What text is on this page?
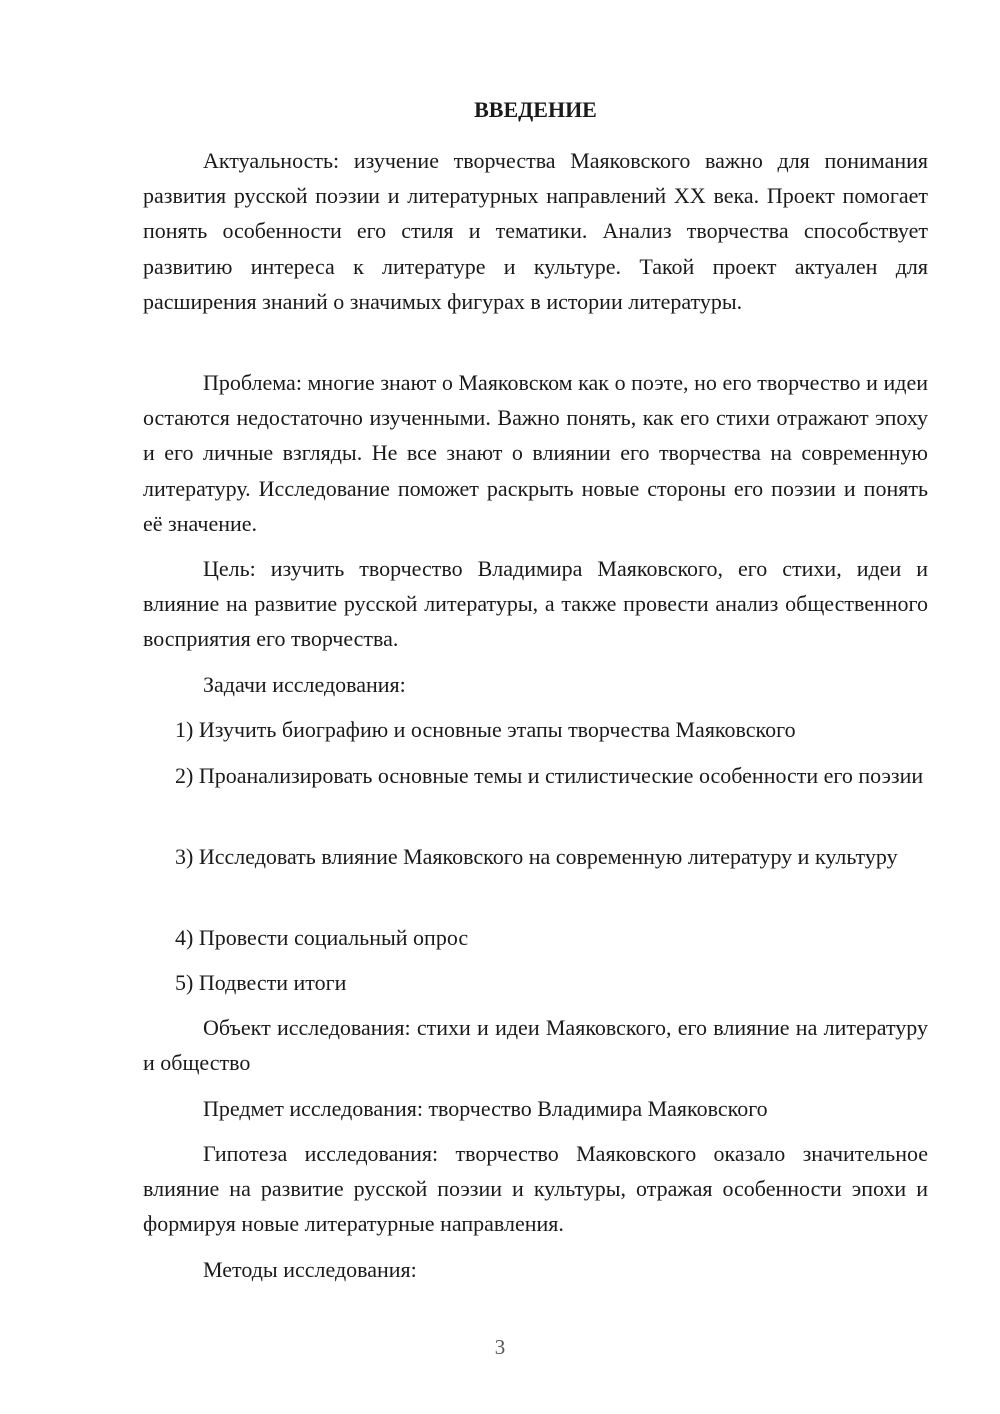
ВВЕДЕНИЕ

Актуальность: изучение творчества Маяковского важно для понимания развития русской поэзии и литературных направлений XX века. Проект помогает понять особенности его стиля и тематики. Анализ творчества способствует развитию интереса к литературе и культуре. Такой проект актуален для расширения знаний о значимых фигурах в истории литературы.

Проблема: многие знают о Маяковском как о поэте, но его творчество и идеи остаются недостаточно изученными. Важно понять, как его стихи отражают эпоху и его личные взгляды. Не все знают о влиянии его творчества на современную литературу. Исследование поможет раскрыть новые стороны его поэзии и понять её значение.

Цель: изучить творчество Владимира Маяковского, его стихи, идеи и влияние на развитие русской литературы, а также провести анализ общественного восприятия его творчества.

Задачи исследования:

1) Изучить биографию и основные этапы творчества Маяковского

2) Проанализировать основные темы и стилистические особенности его поэзии

3) Исследовать влияние Маяковского на современную литературу и культуру

4) Провести социальный опрос

5) Подвести итоги

Объект исследования: стихи и идеи Маяковского, его влияние на литературу и общество

Предмет исследования: творчество Владимира Маяковского

Гипотеза исследования: творчество Маяковского оказало значительное влияние на развитие русской поэзии и культуры, отражая особенности эпохи и формируя новые литературные направления.

Методы исследования:

3
